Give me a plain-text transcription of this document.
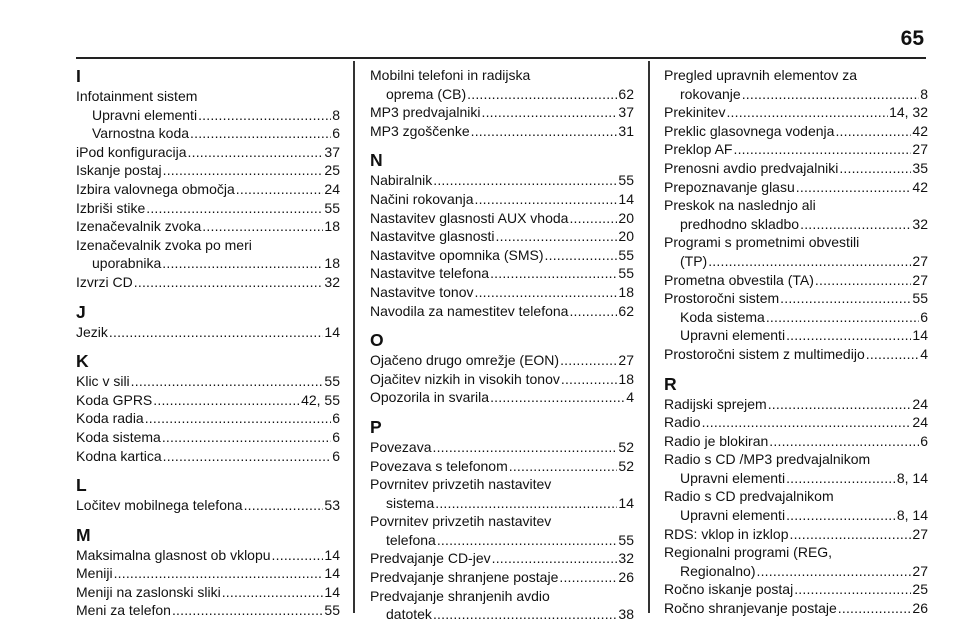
65
I
Infotainment sistem
Upravni elementi .....	8
Varnostna koda .....	6
iPod konfiguracija .....	37
Iskanje postaj .....	25
Izbira valovnega območja .....	24
Izbriši stike .....	55
Izenačevalnik zvoka .....	18
Izenačevalnik zvoka po meri
uporabnika .....	18
Izvrzi CD .....	32
J
Jezik .....	14
K
Klic v sili .....	55
Koda GPRS .....	42, 55
Koda radia .....	6
Koda sistema .....	6
Kodna kartica .....	6
L
Ločitev mobilnega telefona .....	53
M
Maksimalna glasnost ob vklopu .....	14
Meniji .....	14
Meniji na zaslonski sliki .....	14
Meni za telefon .....	55
Mobilni telefoni in radijska
oprema (CB) .....	62
MP3 predvajalniki .....	37
MP3 zgoščenke .....	31
N
Nabiralnik .....	55
Načini rokovanja .....	14
Nastavitev glasnosti AUX vhoda .....	20
Nastavitve glasnosti .....	20
Nastavitve opomnika (SMS) .....	55
Nastavitve telefona .....	55
Nastavitve tonov .....	18
Navodila za namestitev telefona .....	62
O
Ojačeno drugo omrežje (EON) .....	27
Ojačitev nizkih in visokih tonov .....	18
Opozorila in svarila .....	4
P
Povezava .....	52
Povezava s telefonom .....	52
Povrnitev privzetih nastavitev
sistema .....	14
Povrnitev privzetih nastavitev
telefona .....	55
Predvajanje CD-jev .....	32
Predvajanje shranjene postaje .....	26
Predvajanje shranjenih avdio
datotek .....	38
Pregled upravnih elementov za
rokovanje .....	8
Prekinitev .....	14, 32
Preklic glasovnega vodenja .....	42
Preklop AF .....	27
Prenosni avdio predvajalniki .....	35
Prepoznavanje glasu .....	42
Preskok na naslednjo ali
predhodno skladbo .....	32
Programi s prometnimi obvestili
(TP) .....	27
Prometna obvestila (TA) .....	27
Prostoročni sistem .....	55
Koda sistema .....	6
Upravni elementi .....	14
Prostoročni sistem z multimedijo .....	4
R
Radijski sprejem .....	24
Radio .....	24
Radio je blokiran .....	6
Radio s CD /MP3 predvajalnikom
Upravni elementi .....	8, 14
Radio s CD predvajalnikom
Upravni elementi .....	8, 14
RDS: vklop in izklop .....	27
Regionalni programi (REG,
Regionalno) .....	27
Ročno iskanje postaj .....	25
Ročno shranjevanje postaje .....	26
